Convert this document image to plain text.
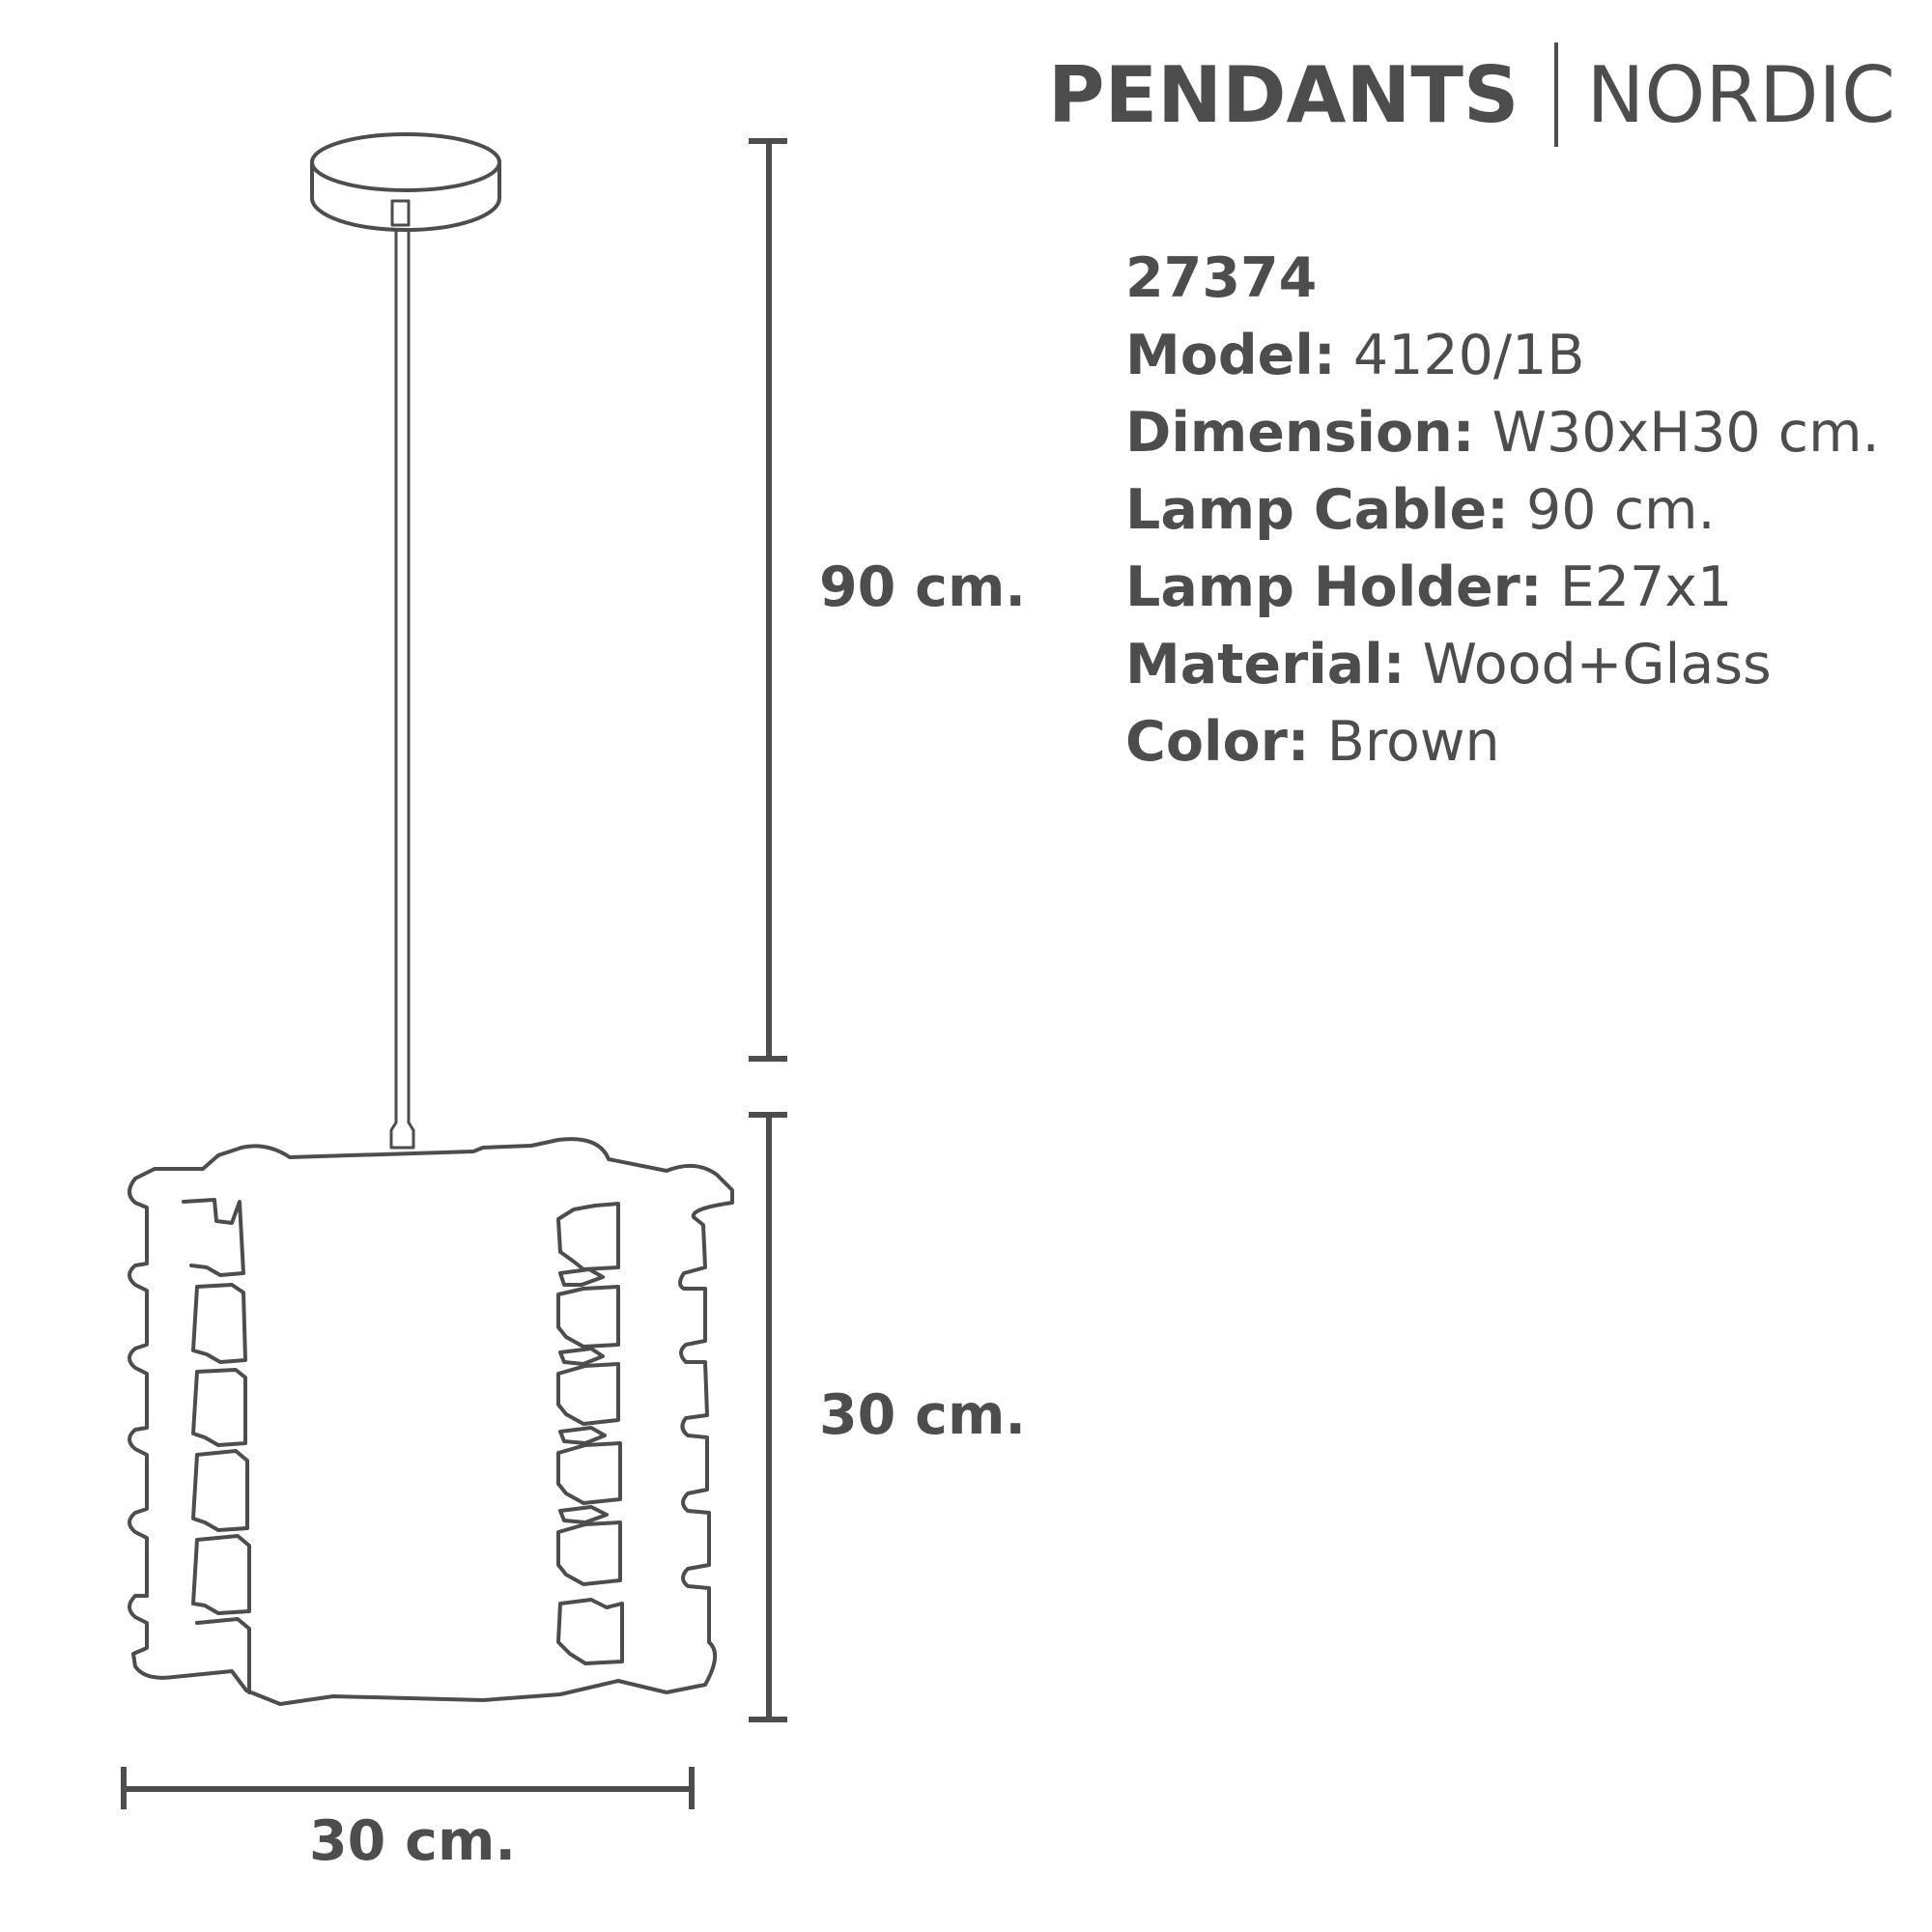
PENDANTS NORDIC
27374
Model: 4120/1B
Dimension: W30xH30 cm.
Lamp Cable: 90 cm.
Lamp Holder: E27x1
Material: Wood+Glass
Color: Brown
90 cm.
30 cm.
30 cm.
